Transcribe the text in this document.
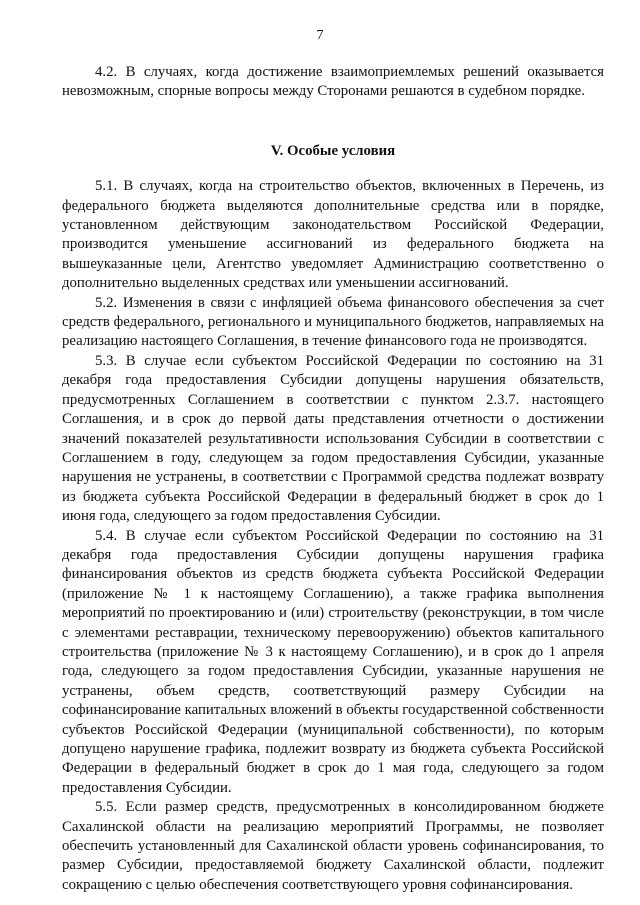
7

4.2. В случаях, когда достижение взаимоприемлемых решений оказывается невозможным, спорные вопросы между Сторонами решаются в судебном порядке.

V. Особые условия

5.1. В случаях, когда на строительство объектов, включенных в Перечень, из федерального бюджета выделяются дополнительные средства или в порядке, установленном действующим законодательством Российской Федерации, производится уменьшение ассигнований из федерального бюджета на вышеуказанные цели, Агентство уведомляет Администрацию соответственно о дополнительно выделенных средствах или уменьшении ассигнований.

5.2. Изменения в связи с инфляцией объема финансового обеспечения за счет средств федерального, регионального и муниципального бюджетов, направляемых на реализацию настоящего Соглашения, в течение финансового года не производятся.

5.3. В случае если субъектом Российской Федерации по состоянию на 31 декабря года предоставления Субсидии допущены нарушения обязательств, предусмотренных Соглашением в соответствии с пунктом 2.3.7. настоящего Соглашения, и в срок до первой даты представления отчетности о достижении значений показателей результативности использования Субсидии в соответствии с Соглашением в году, следующем за годом предоставления Субсидии, указанные нарушения не устранены, в соответствии с Программой средства подлежат возврату из бюджета субъекта Российской Федерации в федеральный бюджет в срок до 1 июня года, следующего за годом предоставления Субсидии.

5.4. В случае если субъектом Российской Федерации по состоянию на 31 декабря года предоставления Субсидии допущены нарушения графика финансирования объектов из средств бюджета субъекта Российской Федерации (приложение № 1 к настоящему Соглашению), а также графика выполнения мероприятий по проектированию и (или) строительству (реконструкции, в том числе с элементами реставрации, техническому перевооружению) объектов капитального строительства (приложение № 3 к настоящему Соглашению), и в срок до 1 апреля года, следующего за годом предоставления Субсидии, указанные нарушения не устранены, объем средств, соответствующий размеру Субсидии на софинансирование капитальных вложений в объекты государственной собственности субъектов Российской Федерации (муниципальной собственности), по которым допущено нарушение графика, подлежит возврату из бюджета субъекта Российской Федерации в федеральный бюджет в срок до 1 мая года, следующего за годом предоставления Субсидии.

5.5. Если размер средств, предусмотренных в консолидированном бюджете Сахалинской области на реализацию мероприятий Программы, не позволяет обеспечить установленный для Сахалинской области уровень софинансирования, то размер Субсидии, предоставляемой бюджету Сахалинской области, подлежит сокращению с целью обеспечения соответствующего уровня софинансирования.
